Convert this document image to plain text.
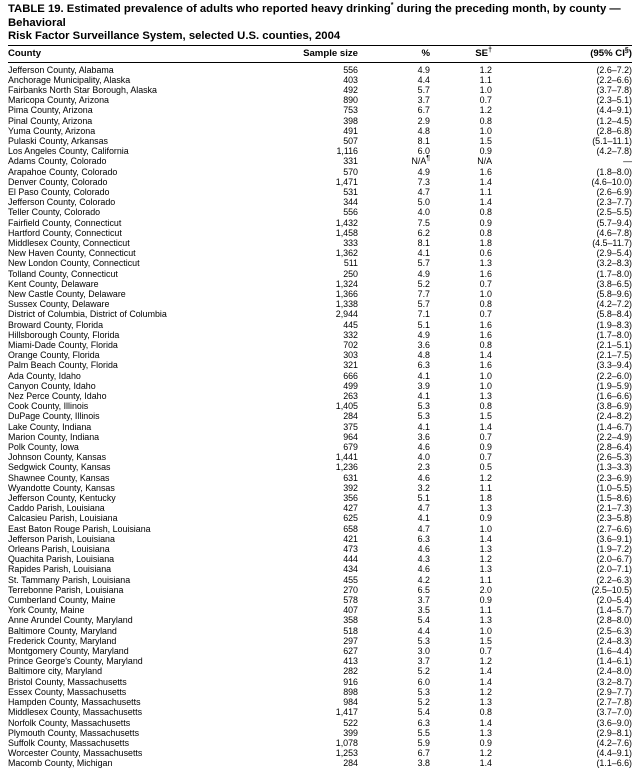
TABLE 19. Estimated prevalence of adults who reported heavy drinking* during the preceding month, by county — Behavioral
Risk Factor Surveillance System, selected U.S. counties, 2004
County	Sample size	%	SE†	(95% CI§)
Jefferson County, Alabama	556	4.9	1.2	(2.6–7.2)
Anchorage Municipality, Alaska	403	4.4	1.1	(2.2–6.6)
Fairbanks North Star Borough, Alaska	492	5.7	1.0	(3.7–7.8)
Maricopa County, Arizona	890	3.7	0.7	(2.3–5.1)
Pima County, Arizona	753	6.7	1.2	(4.4–9.1)
Pinal County, Arizona	398	2.9	0.8	(1.2–4.5)
Yuma County, Arizona	491	4.8	1.0	(2.8–6.8)
Pulaski County, Arkansas	507	8.1	1.5	(5.1–11.1)
Los Angeles County, California	1,116	6.0	0.9	(4.2–7.8)
Adams County, Colorado	331	N/A¶	N/A	—
Arapahoe County, Colorado	570	4.9	1.6	(1.8–8.0)
Denver County, Colorado	1,471	7.3	1.4	(4.6–10.0)
El Paso County, Colorado	531	4.7	1.1	(2.6–6.9)
Jefferson County, Colorado	344	5.0	1.4	(2.3–7.7)
Teller County, Colorado	556	4.0	0.8	(2.5–5.5)
Fairfield County, Connecticut	1,432	7.5	0.9	(5.7–9.4)
Hartford County, Connecticut	1,458	6.2	0.8	(4.6–7.8)
Middlesex County, Connecticut	333	8.1	1.8	(4.5–11.7)
New Haven County, Connecticut	1,362	4.1	0.6	(2.9–5.4)
New London County, Connecticut	511	5.7	1.3	(3.2–8.3)
Tolland County, Connecticut	250	4.9	1.6	(1.7–8.0)
Kent County, Delaware	1,324	5.2	0.7	(3.8–6.5)
New Castle County, Delaware	1,366	7.7	1.0	(5.8–9.6)
Sussex County, Delaware	1,338	5.7	0.8	(4.2–7.2)
District of Columbia, District of Columbia	2,944	7.1	0.7	(5.8–8.4)
Broward County, Florida	445	5.1	1.6	(1.9–8.3)
Hillsborough County, Florida	332	4.9	1.6	(1.7–8.0)
Miami-Dade County, Florida	702	3.6	0.8	(2.1–5.1)
Orange County, Florida	303	4.8	1.4	(2.1–7.5)
Palm Beach County, Florida	321	6.3	1.6	(3.3–9.4)
Ada County, Idaho	666	4.1	1.0	(2.2–6.0)
Canyon County, Idaho	499	3.9	1.0	(1.9–5.9)
Nez Perce County, Idaho	263	4.1	1.3	(1.6–6.6)
Cook County, Illinois	1,405	5.3	0.8	(3.8–6.9)
DuPage County, Illinois	284	5.3	1.5	(2.4–8.2)
Lake County, Indiana	375	4.1	1.4	(1.4–6.7)
Marion County, Indiana	964	3.6	0.7	(2.2–4.9)
Polk County, Iowa	679	4.6	0.9	(2.8–6.4)
Johnson County, Kansas	1,441	4.0	0.7	(2.6–5.3)
Sedgwick County, Kansas	1,236	2.3	0.5	(1.3–3.3)
Shawnee County, Kansas	631	4.6	1.2	(2.3–6.9)
Wyandotte County, Kansas	392	3.2	1.1	(1.0–5.5)
Jefferson County, Kentucky	356	5.1	1.8	(1.5–8.6)
Caddo Parish, Louisiana	427	4.7	1.3	(2.1–7.3)
Calcasieu Parish, Louisiana	625	4.1	0.9	(2.3–5.8)
East Baton Rouge Parish, Louisiana	658	4.7	1.0	(2.7–6.6)
Jefferson Parish, Louisiana	421	6.3	1.4	(3.6–9.1)
Orleans Parish, Louisiana	473	4.6	1.3	(1.9–7.2)
Quachita Parish, Louisiana	444	4.3	1.2	(2.0–6.7)
Rapides Parish, Louisiana	434	4.6	1.3	(2.0–7.1)
St. Tammany Parish, Louisiana	455	4.2	1.1	(2.2–6.3)
Terrebonne Parish, Louisiana	270	6.5	2.0	(2.5–10.5)
Cumberland County, Maine	578	3.7	0.9	(2.0–5.4)
York County, Maine	407	3.5	1.1	(1.4–5.7)
Anne Arundel County, Maryland	358	5.4	1.3	(2.8–8.0)
Baltimore County, Maryland	518	4.4	1.0	(2.5–6.3)
Frederick County, Maryland	297	5.3	1.5	(2.4–8.3)
Montgomery County, Maryland	627	3.0	0.7	(1.6–4.4)
Prince George's County, Maryland	413	3.7	1.2	(1.4–6.1)
Baltimore city, Maryland	282	5.2	1.4	(2.4–8.0)
Bristol County, Massachusetts	916	6.0	1.4	(3.2–8.7)
Essex County, Massachusetts	898	5.3	1.2	(2.9–7.7)
Hampden County, Massachusetts	984	5.2	1.3	(2.7–7.8)
Middlesex County, Massachusetts	1,417	5.4	0.8	(3.7–7.0)
Norfolk County, Massachusetts	522	6.3	1.4	(3.6–9.0)
Plymouth County, Massachusetts	399	5.5	1.3	(2.9–8.1)
Suffolk County, Massachusetts	1,078	5.9	0.9	(4.2–7.6)
Worcester County, Massachusetts	1,253	6.7	1.2	(4.4–9.1)
Macomb County, Michigan	284	3.8	1.4	(1.1–6.6)
